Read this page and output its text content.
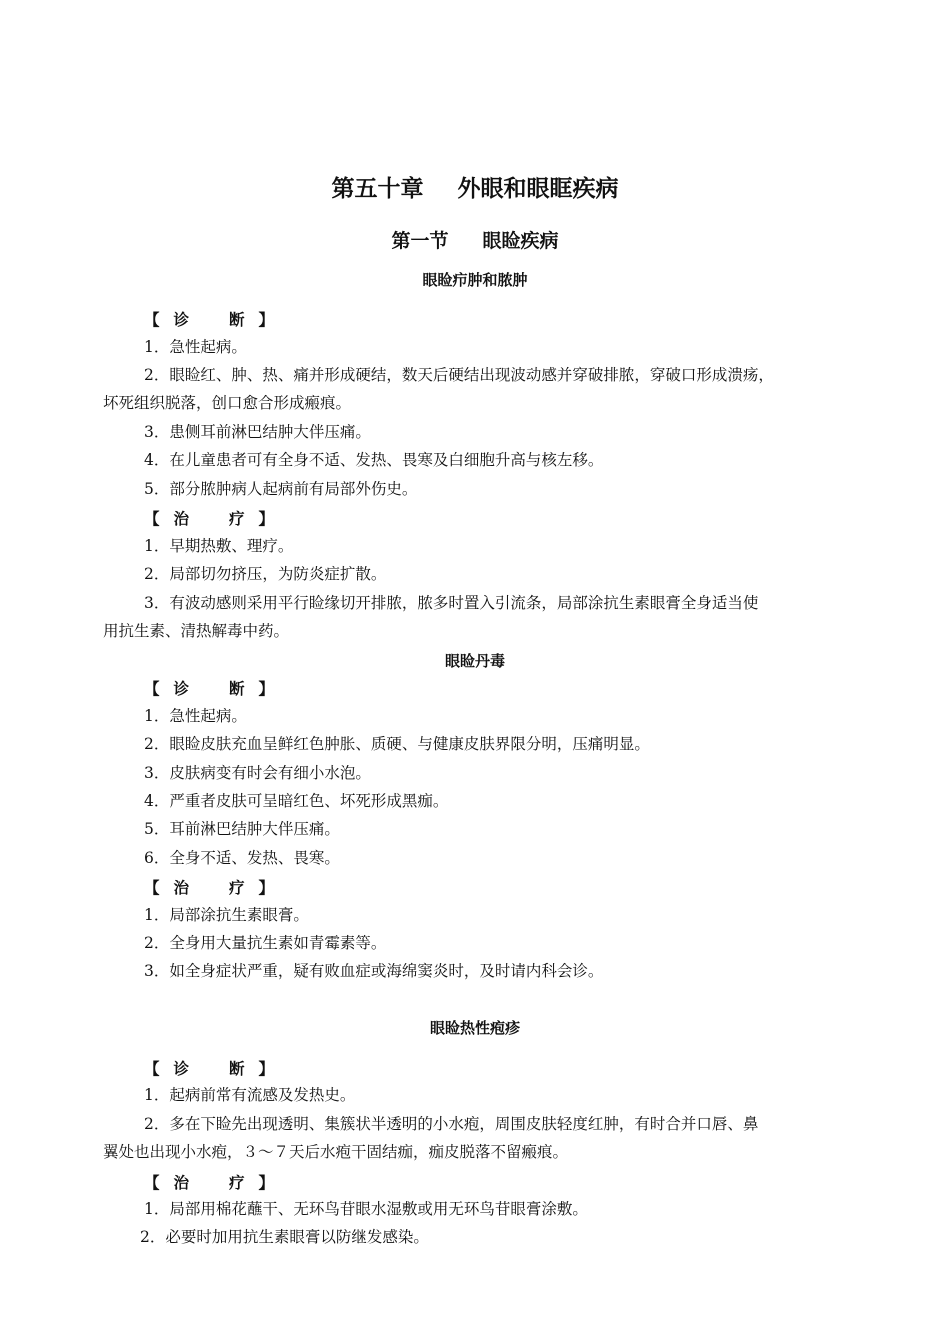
第五十章 外眼和眼眶疾病
第一节 眼睑疾病
眼睑疖肿和脓肿
【 诊	断 】
1．急性起病。
2．眼睑红、肿、热、痛并形成硬结，数天后硬结出现波动感并穿破排脓，穿破口形成溃疡，
坏死组织脱落，创口愈合形成瘢痕。
3．患侧耳前淋巴结肿大伴压痛。
4．在儿童患者可有全身不适、发热、畏寒及白细胞升高与核左移。
5．部分脓肿病人起病前有局部外伤史。
【 治	疗 】
1．早期热敷、理疗。
2．局部切勿挤压，为防炎症扩散。
3．有波动感则采用平行睑缘切开排脓，脓多时置入引流条，局部涂抗生素眼膏全身适当使
用抗生素、清热解毒中药。
眼睑丹毒
【 诊	断 】
1．急性起病。
2．眼睑皮肤充血呈鲜红色肿胀、质硬、与健康皮肤界限分明，压痛明显。
3．皮肤病变有时会有细小水泡。
4．严重者皮肤可呈暗红色、坏死形成黑痂。
5．耳前淋巴结肿大伴压痛。
6．全身不适、发热、畏寒。
【 治	疗 】
1．局部涂抗生素眼膏。
2．全身用大量抗生素如青霉素等。
3．如全身症状严重，疑有败血症或海绵窦炎时，及时请内科会诊。
眼睑热性疱疹
【 诊	断 】
1．起病前常有流感及发热史。
2．多在下睑先出现透明、集簇状半透明的小水疱，周围皮肤轻度红肿，有时合并口唇、鼻
翼处也出现小水疱，３～７天后水疱干固结痂，痂皮脱落不留瘢痕。
【 治	疗 】
1．局部用棉花蘸干、无环鸟苷眼水湿敷或用无环鸟苷眼膏涂敷。
2．必要时加用抗生素眼膏以防继发感染。
